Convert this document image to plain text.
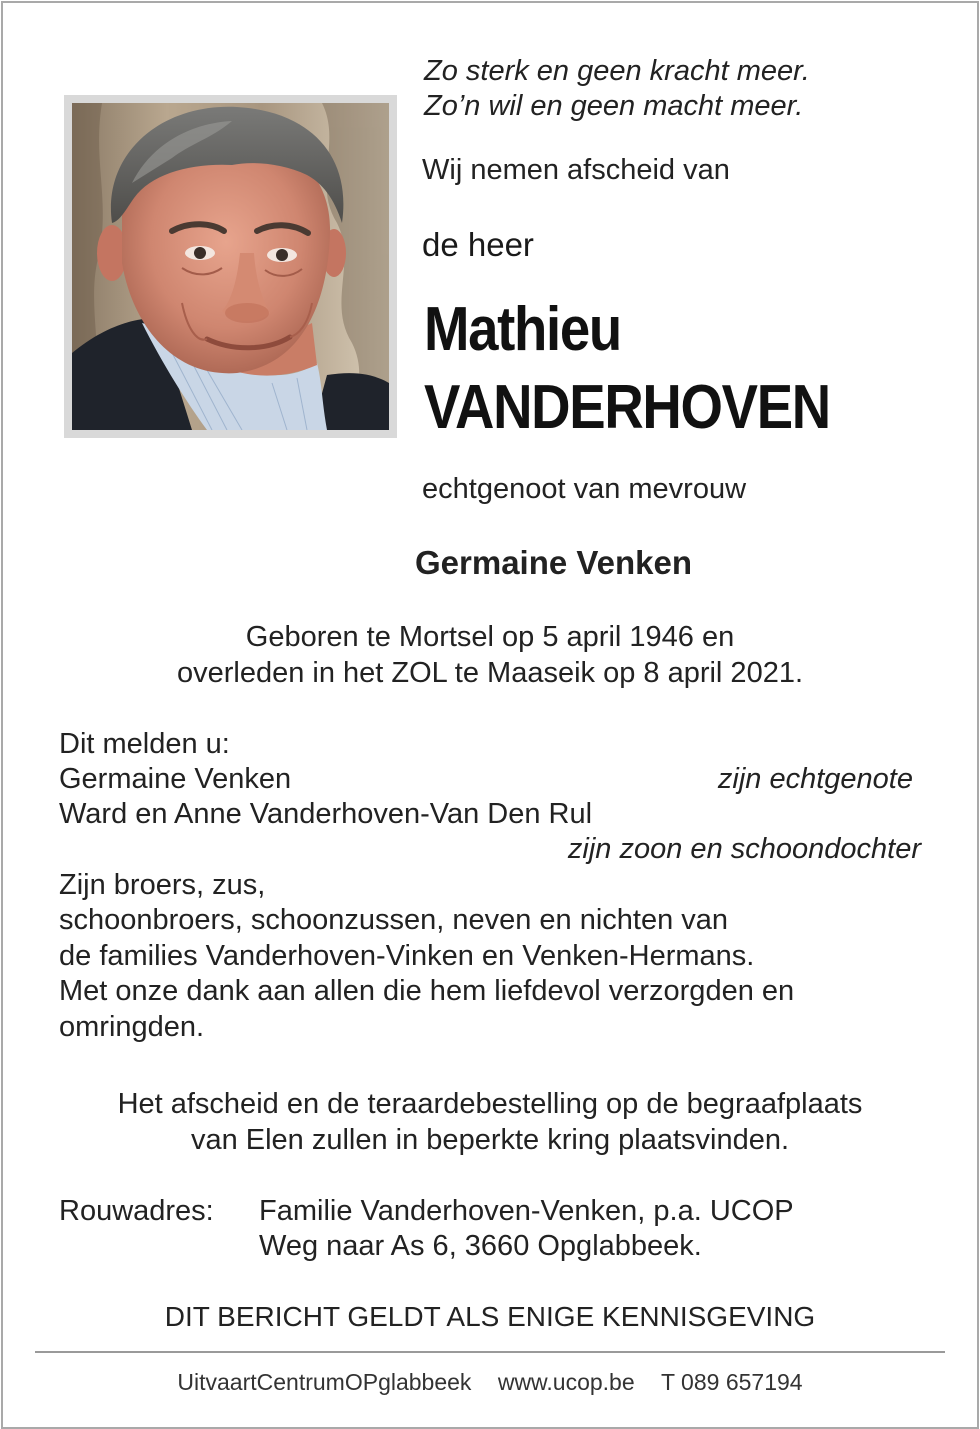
Zo sterk en geen kracht meer.
Zo’n wil en geen macht meer.
Wij nemen afscheid van
de heer
Mathieu
VANDERHOVEN
echtgenoot van mevrouw
Germaine Venken
Geboren te Mortsel op 5 april 1946 en
overleden in het ZOL te Maaseik op 8 april 2021.
Dit melden u:
Germaine Venken	zijn echtgenote
Ward en Anne Vanderhoven-Van Den Rul
zijn zoon en schoondochter
Zijn broers, zus,
schoonbroers, schoonzussen, neven en nichten van
de families Vanderhoven-Vinken en Venken-Hermans.
Met onze dank aan allen die hem liefdevol verzorgden en
omringden.
Het afscheid en de teraardebestelling op de begraafplaats
van Elen zullen in beperkte kring plaatsvinden.
Rouwadres: Familie Vanderhoven-Venken, p.a. UCOP
Weg naar As 6, 3660 Opglabbeek.
DIT BERICHT GELDT ALS ENIGE KENNISGEVING
UitvaartCentrumOPglabbeek www.ucop.be T 089 657194
